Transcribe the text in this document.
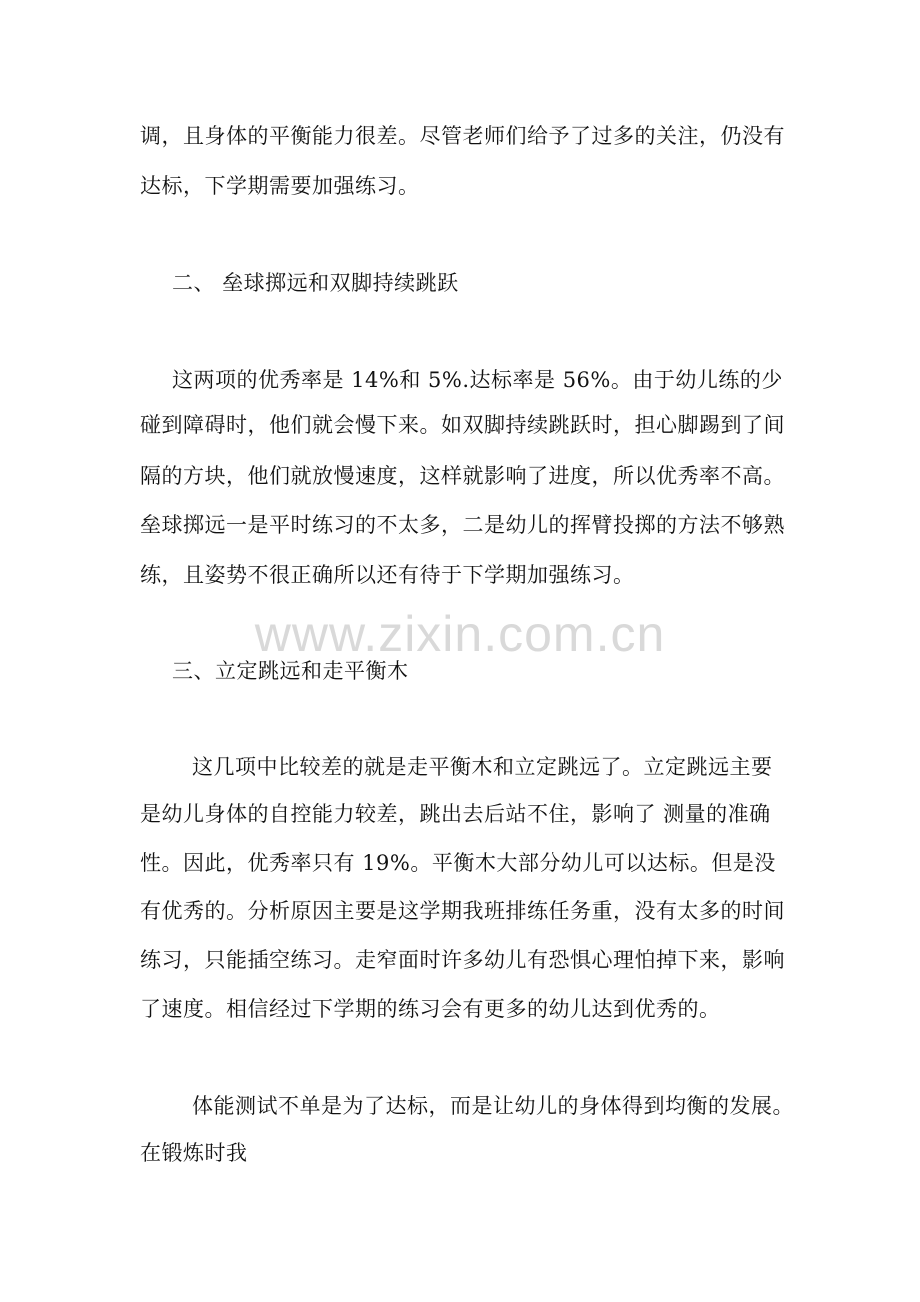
www.zixin.com.cn
调，且身体的平衡能力很差。尽管老师们给予了过多的关注，仍没有
达标，下学期需要加强练习。
二、 垒球掷远和双脚持续跳跃
这两项的优秀率是 14%和 5%.达标率是 56%。由于幼儿练的少
碰到障碍时，他们就会慢下来。如双脚持续跳跃时，担心脚踢到了间
隔的方块，他们就放慢速度，这样就影响了进度，所以优秀率不高。
垒球掷远一是平时练习的不太多，二是幼儿的挥臂投掷的方法不够熟
练，且姿势不很正确所以还有待于下学期加强练习。
三、立定跳远和走平衡木
这几项中比较差的就是走平衡木和立定跳远了。立定跳远主要
是幼儿身体的自控能力较差，跳出去后站不住，影响了 测量的准确
性。因此，优秀率只有 19%。平衡木大部分幼儿可以达标。但是没
有优秀的。分析原因主要是这学期我班排练任务重，没有太多的时间
练习，只能插空练习。走窄面时许多幼儿有恐惧心理怕掉下来，影响
了速度。相信经过下学期的练习会有更多的幼儿达到优秀的。
体能测试不单是为了达标，而是让幼儿的身体得到均衡的发展。
在锻炼时我
